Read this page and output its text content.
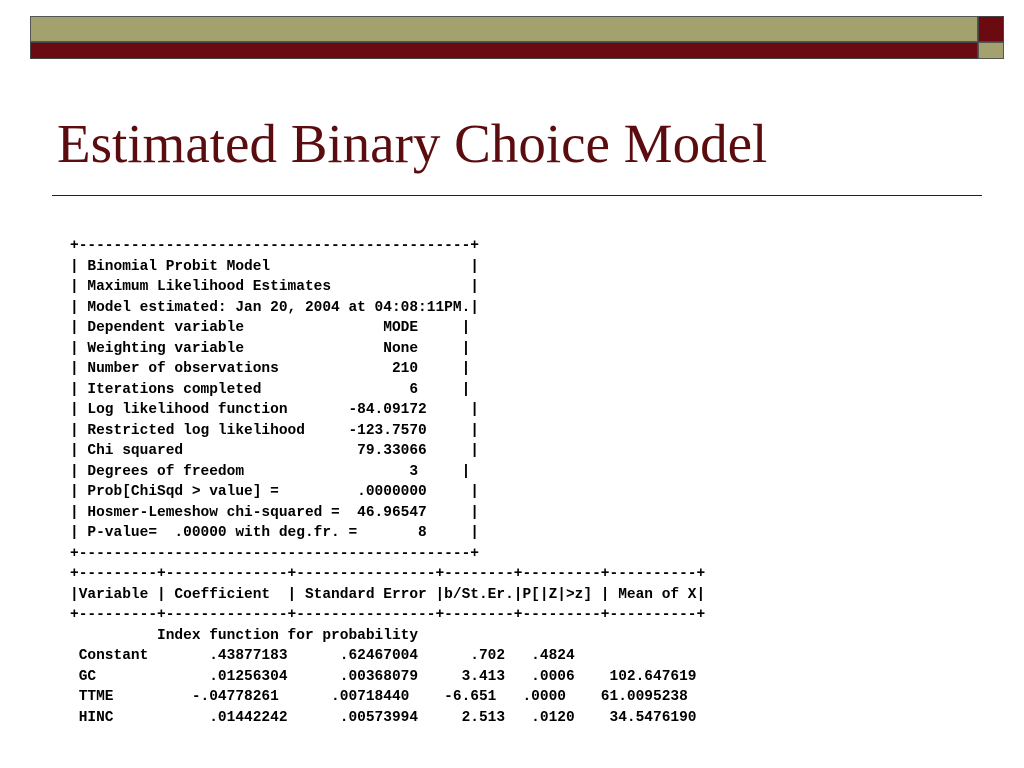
Estimated Binary Choice Model
+---------------------------------------------+
| Binomial Probit Model                       |
| Maximum Likelihood Estimates                |
| Model estimated: Jan 20, 2004 at 04:08:11PM.|
| Dependent variable                MODE     |
| Weighting variable                None     |
| Number of observations             210     |
| Iterations completed                 6     |
| Log likelihood function       -84.09172     |
| Restricted log likelihood     -123.7570     |
| Chi squared                    79.33066     |
| Degrees of freedom                   3     |
| Prob[ChiSqd > value] =         .0000000     |
| Hosmer-Lemeshow chi-squared =  46.96547     |
| P-value=  .00000 with deg.fr. =       8     |
+---------------------------------------------+
+---------+--------------+----------------+--------+---------+----------+
|Variable | Coefficient  | Standard Error |b/St.Er.|P[|Z|>z] | Mean of X|
+---------+--------------+----------------+--------+---------+----------+
Index function for probability
Constant       .43877183      .62467004      .702   .4824
GC             .01256304      .00368079     3.413   .0006    102.647619
TTME         -.04778261      .00718440    -6.651   .0000    61.0095238
HINC           .01442242      .00573994     2.513   .0120    34.5476190
